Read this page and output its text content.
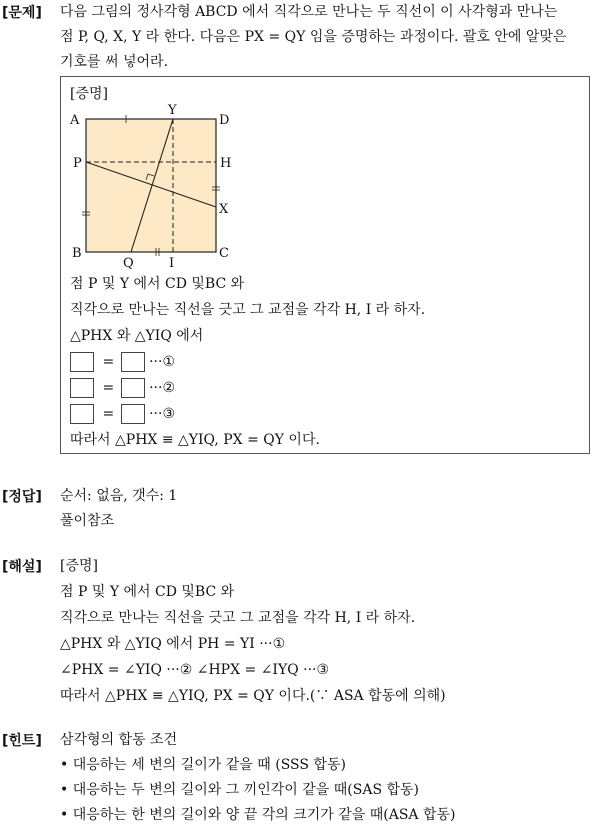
[문제] 다음 그림의 정사각형 ABCD 에서 직각으로 만나는 두 직선이 이 사각형과 만나는
점 P, Q, X, Y 라 한다. 다음은 PX = QY 임을 증명하는 과정이다. 괄호 안에 알맞은
기호를 써 넣어라.
[증명]
A	D
Y
P	H
X
B
Q	I
C
점 P 및 Y 에서 CD 및BC 와
직각으로 만나는 직선을 긋고 그 교점을 각각 H, I 라 하자.
△PHX 와 △YIQ 에서
= ···①
= ···②
= ···③
따라서 △PHX ≡ △YIQ, PX = QY 이다.
[정답] 순서: 없음, 갯수: 1
풀이참조
[해설] [증명]
점 P 및 Y 에서 CD 및BC 와
직각으로 만나는 직선을 긋고 그 교점을 각각 H, I 라 하자.
△PHX 와 △YIQ 에서 PH = YI ···①
∠PHX = ∠YIQ ···② ∠HPX = ∠IYQ ···③
따라서 △PHX ≡ △YIQ, PX = QY 이다.(∵ ASA 합동에 의해)
[힌트] 삼각형의 합동 조건
• 대응하는 세 변의 길이가 같을 때 (SSS 합동)
• 대응하는 두 변의 길이와 그 끼인각이 같을 때(SAS 합동)
• 대응하는 한 변의 길이와 양 끝 각의 크기가 같을 때(ASA 합동)
